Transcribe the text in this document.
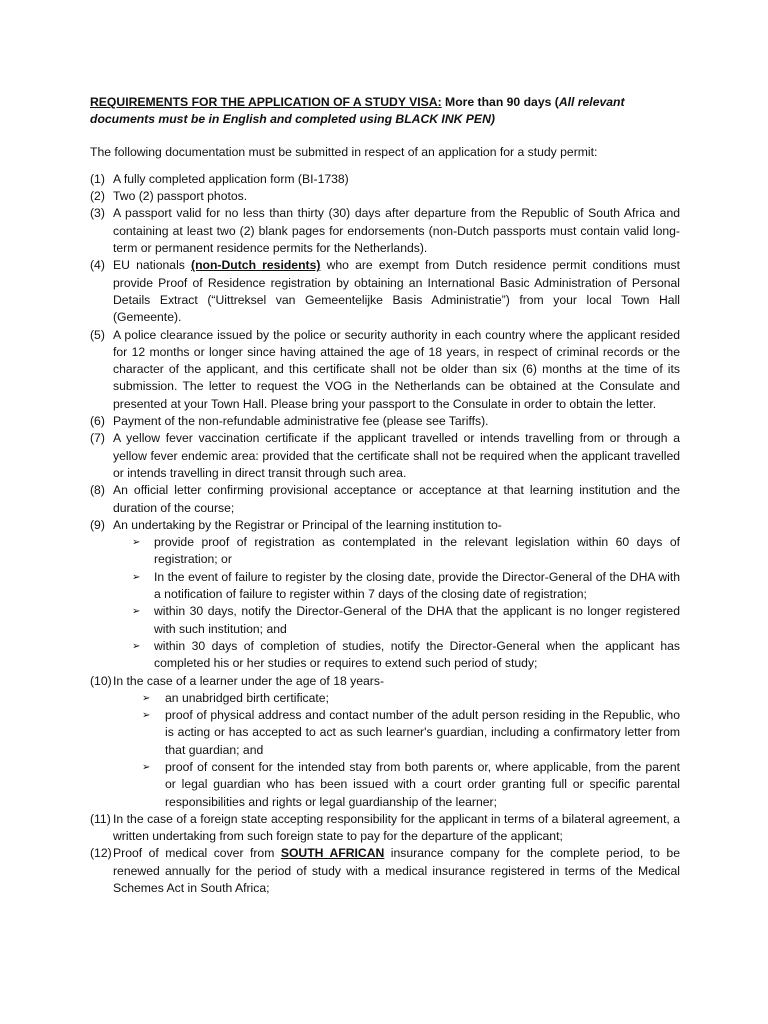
REQUIREMENTS FOR THE APPLICATION OF A STUDY VISA: More than 90 days (All relevant documents must be in English and completed using BLACK INK PEN)
The following documentation must be submitted in respect of an application for a study permit:
(1) A fully completed application form (BI-1738)
(2) Two (2) passport photos.
(3) A passport valid for no less than thirty (30) days after departure from the Republic of South Africa and containing at least two (2) blank pages for endorsements (non-Dutch passports must contain valid long-term or permanent residence permits for the Netherlands).
(4) EU nationals (non-Dutch residents) who are exempt from Dutch residence permit conditions must provide Proof of Residence registration by obtaining an International Basic Administration of Personal Details Extract (“Uittreksel van Gemeentelijke Basis Administratie”) from your local Town Hall (Gemeente).
(5) A police clearance issued by the police or security authority in each country where the applicant resided for 12 months or longer since having attained the age of 18 years, in respect of criminal records or the character of the applicant, and this certificate shall not be older than six (6) months at the time of its submission. The letter to request the VOG in the Netherlands can be obtained at the Consulate and presented at your Town Hall. Please bring your passport to the Consulate in order to obtain the letter.
(6) Payment of the non-refundable administrative fee (please see Tariffs).
(7) A yellow fever vaccination certificate if the applicant travelled or intends travelling from or through a yellow fever endemic area: provided that the certificate shall not be required when the applicant travelled or intends travelling in direct transit through such area.
(8) An official letter confirming provisional acceptance or acceptance at that learning institution and the duration of the course;
(9) An undertaking by the Registrar or Principal of the learning institution to-
➢ provide proof of registration as contemplated in the relevant legislation within 60 days of registration; or
➢ In the event of failure to register by the closing date, provide the Director-General of the DHA with a notification of failure to register within 7 days of the closing date of registration;
➢ within 30 days, notify the Director-General of the DHA that the applicant is no longer registered with such institution; and
➢ within 30 days of completion of studies, notify the Director-General when the applicant has completed his or her studies or requires to extend such period of study;
(10) In the case of a learner under the age of 18 years-
➢ an unabridged birth certificate;
➢ proof of physical address and contact number of the adult person residing in the Republic, who is acting or has accepted to act as such learner's guardian, including a confirmatory letter from that guardian; and
➢ proof of consent for the intended stay from both parents or, where applicable, from the parent or legal guardian who has been issued with a court order granting full or specific parental responsibilities and rights or legal guardianship of the learner;
(11) In the case of a foreign state accepting responsibility for the applicant in terms of a bilateral agreement, a written undertaking from such foreign state to pay for the departure of the applicant;
(12) Proof of medical cover from SOUTH AFRICAN insurance company for the complete period, to be renewed annually for the period of study with a medical insurance registered in terms of the Medical Schemes Act in South Africa;
